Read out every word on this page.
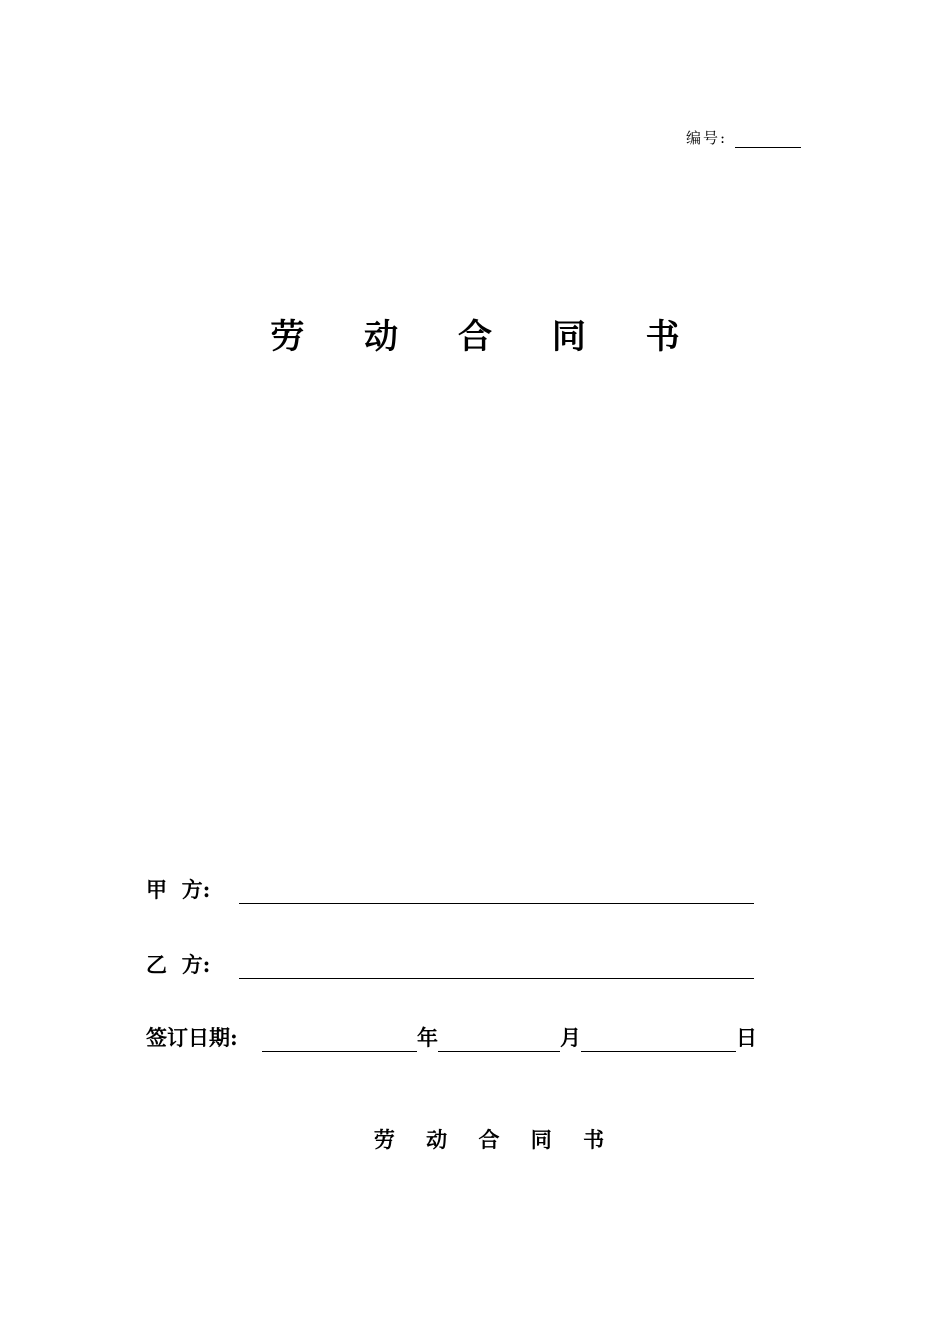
编号:
劳 动 合 同 书
甲  方:
乙  方:
签订日期:	年	月	日
劳 动 合 同 书
